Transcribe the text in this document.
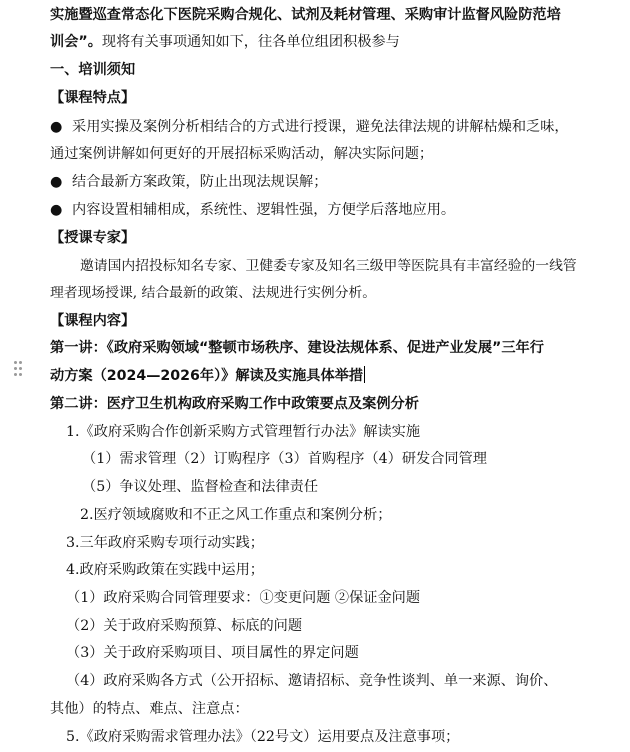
实施暨巡查常态化下医院采购合规化、试剂及耗材管理、采购审计监督风险防范培
训会”。现将有关事项通知如下，往各单位组团积极参与
一、培训须知
【课程特点】
● 采用实操及案例分析相结合的方式进行授课，避免法律法规的讲解枯燥和乏味，
通过案例讲解如何更好的开展招标采购活动，解决实际问题；
● 结合最新方案政策，防止出现法规误解；
● 内容设置相辅相成，系统性、逻辑性强，方便学后落地应用。
【授课专家】
邀请国内招投标知名专家、卫健委专家及知名三级甲等医院具有丰富经验的一线管
理者现场授课, 结合最新的政策、法规进行实例分析。
【课程内容】
第一讲：《政府采购领域“整顿市场秩序、建设法规体系、促进产业发展”三年行
动方案（2024—2026年）》解读及实施具体举措
第二讲：医疗卫生机构政府采购工作中政策要点及案例分析
1.《政府采购合作创新采购方式管理暂行办法》解读实施
（1）需求管理（2）订购程序（3）首购程序（4）研发合同管理
（5）争议处理、监督检查和法律责任
2.医疗领域腐败和不正之风工作重点和案例分析；
3.三年政府采购专项行动实践；
4.政府采购政策在实践中运用；
（1）政府采购合同管理要求：①变更问题 ②保证金问题
（2）关于政府采购预算、标底的问题
（3）关于政府采购项目、项目属性的界定问题
（4）政府采购各方式（公开招标、邀请招标、竞争性谈判、单一来源、询价、
其他）的特点、难点、注意点：
5.《政府采购需求管理办法》（22号文）运用要点及注意事项；
